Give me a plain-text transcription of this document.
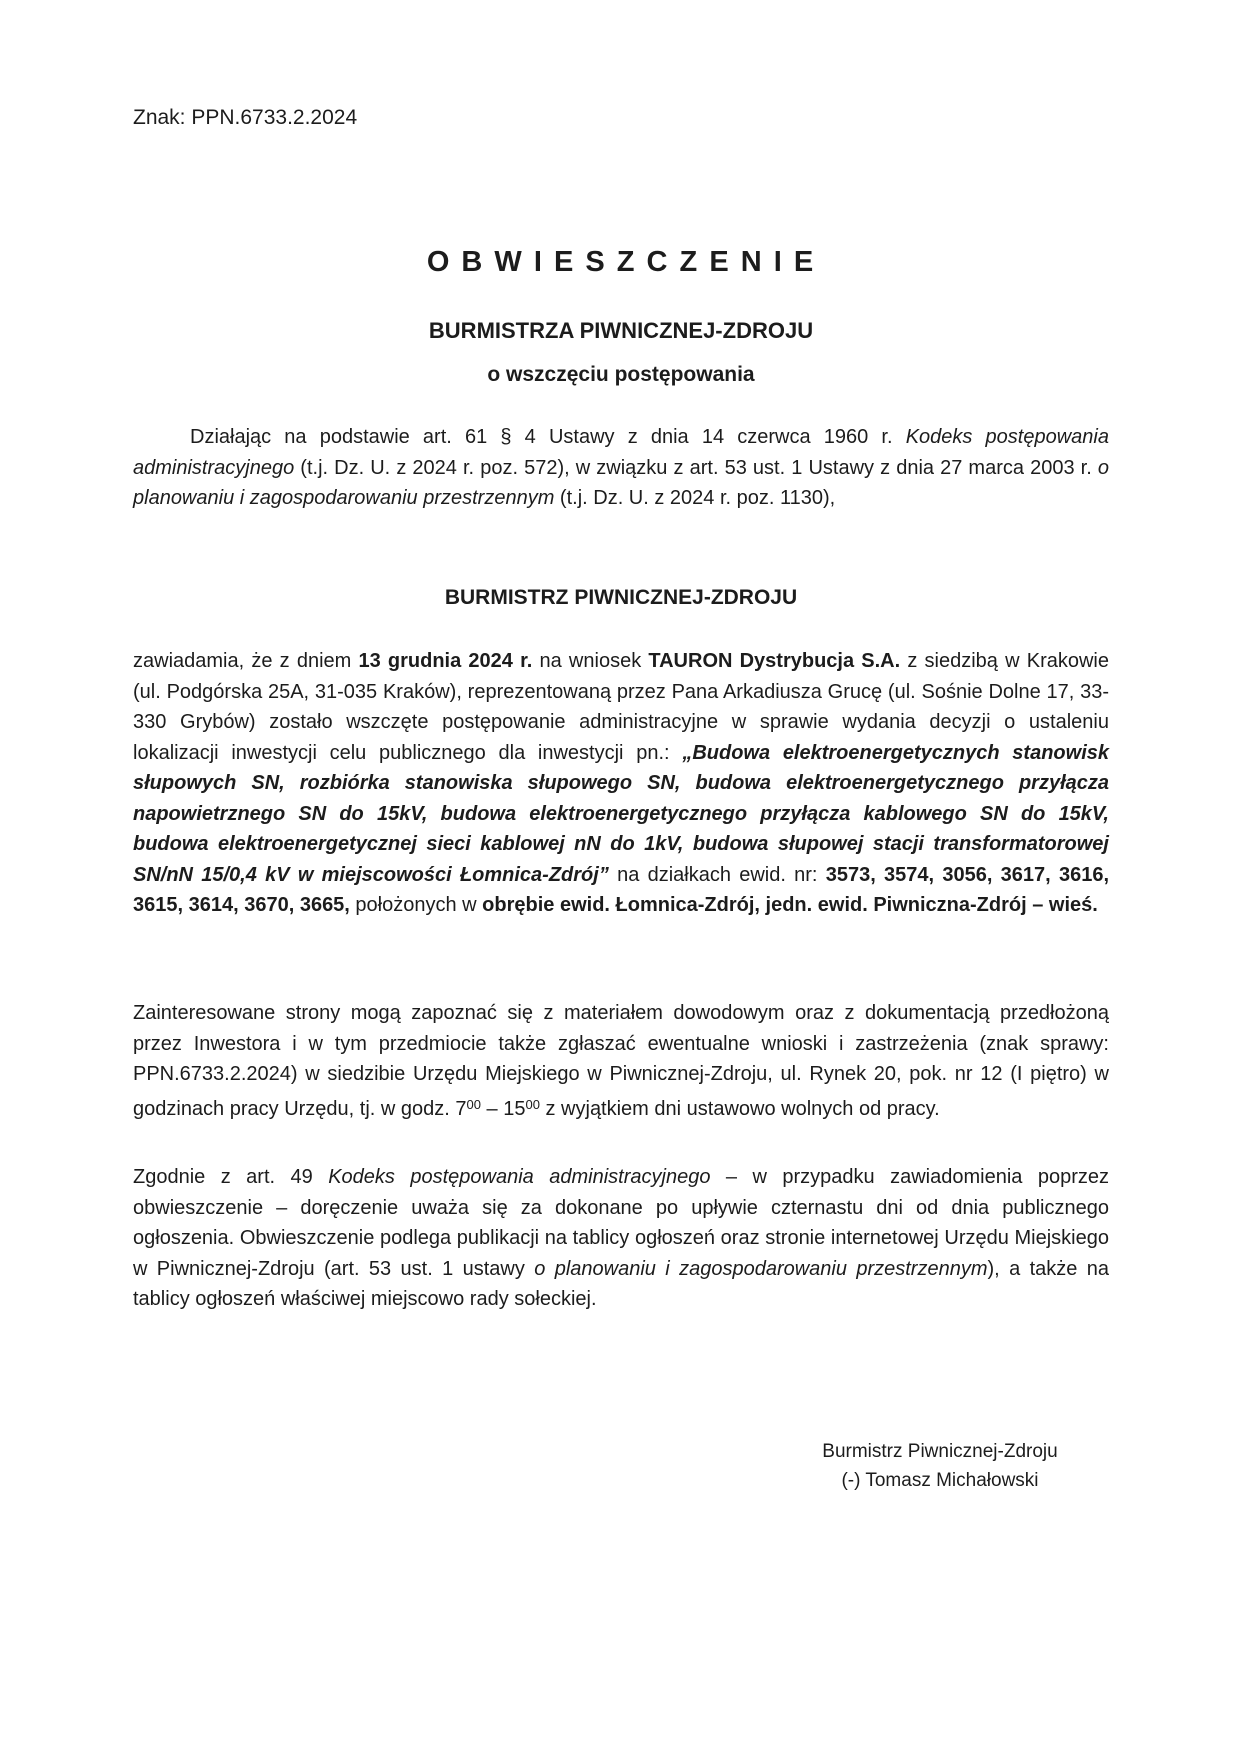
Znak: PPN.6733.2.2024
O B W I E S Z C Z E N I E
BURMISTRZA PIWNICZNEJ-ZDROJU
o wszczęciu postępowania
Działając na podstawie art. 61 § 4 Ustawy z dnia 14 czerwca 1960 r. Kodeks postępowania administracyjnego (t.j. Dz. U. z 2024 r. poz. 572), w związku z art. 53 ust. 1 Ustawy z dnia 27 marca 2003 r. o planowaniu i zagospodarowaniu przestrzennym (t.j. Dz. U. z 2024 r. poz. 1130),
BURMISTRZ PIWNICZNEJ-ZDROJU
zawiadamia, że z dniem 13 grudnia 2024 r. na wniosek TAURON Dystrybucja S.A. z siedzibą w Krakowie (ul. Podgórska 25A, 31-035 Kraków), reprezentowaną przez Pana Arkadiusza Grucę (ul. Sośnie Dolne 17, 33-330 Grybów) zostało wszczęte postępowanie administracyjne w sprawie wydania decyzji o ustaleniu lokalizacji inwestycji celu publicznego dla inwestycji pn.: „Budowa elektroenergetycznych stanowisk słupowych SN, rozbiórka stanowiska słupowego SN, budowa elektroenergetycznego przyłącza napowietrznego SN do 15kV, budowa elektroenergetycznego przyłącza kablowego SN do 15kV, budowa elektroenergetycznej sieci kablowej nN do 1kV, budowa słupowej stacji transformatorowej SN/nN 15/0,4 kV w miejscowości Łomnica-Zdrój” na działkach ewid. nr: 3573, 3574, 3056, 3617, 3616, 3615, 3614, 3670, 3665, położonych w obrębie ewid. Łomnica-Zdrój, jedn. ewid. Piwniczna-Zdrój – wieś.
Zainteresowane strony mogą zapoznać się z materiałem dowodowym oraz z dokumentacją przedłożoną przez Inwestora i w tym przedmiocie także zgłaszać ewentualne wnioski i zastrzeżenia (znak sprawy: PPN.6733.2.2024) w siedzibie Urzędu Miejskiego w Piwnicznej-Zdroju, ul. Rynek 20, pok. nr 12 (I piętro) w godzinach pracy Urzędu, tj. w godz. $7^{00} - 15^{00}$ z wyjątkiem dni ustawowo wolnych od pracy.
Zgodnie z art. 49 Kodeks postępowania administracyjnego – w przypadku zawiadomienia poprzez obwieszczenie – doręczenie uważa się za dokonane po upływie czternastu dni od dnia publicznego ogłoszenia. Obwieszczenie podlega publikacji na tablicy ogłoszeń oraz stronie internetowej Urzędu Miejskiego w Piwnicznej-Zdroju (art. 53 ust. 1 ustawy o planowaniu i zagospodarowaniu przestrzennym), a także na tablicy ogłoszeń właściwej miejscowo rady sołeckiej.
Burmistrz Piwnicznej-Zdroju
(-) Tomasz Michałowski
